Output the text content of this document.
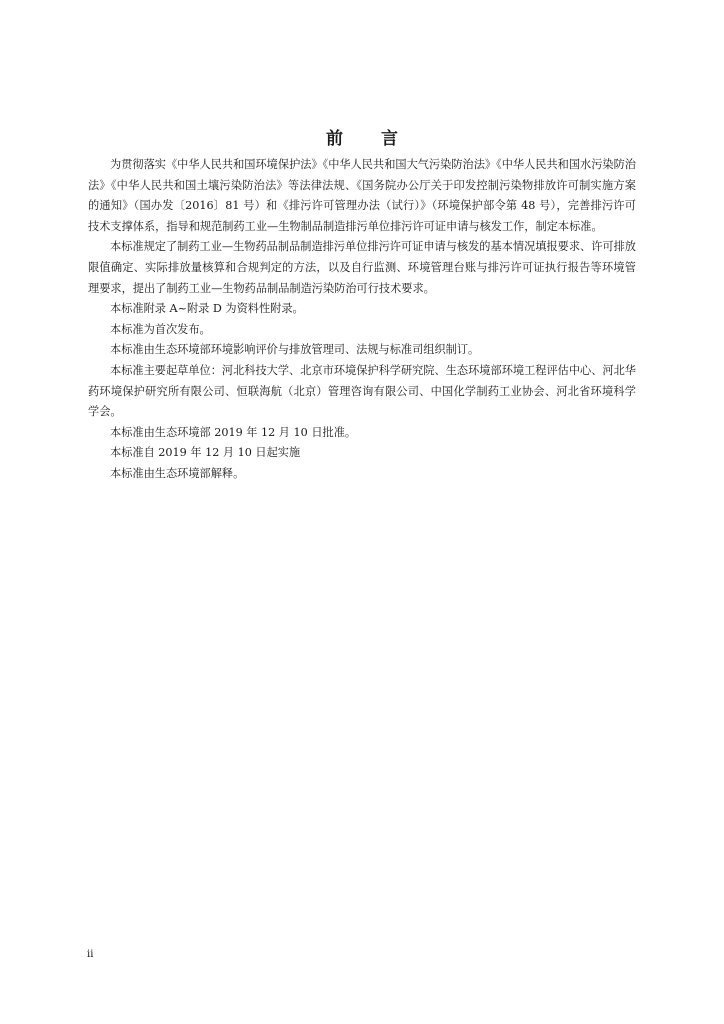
前 言

为贯彻落实《中华人民共和国环境保护法》《中华人民共和国大气污染防治法》《中华人民共和国水污染防治法》《中华人民共和国土壤污染防治法》等法律法规、《国务院办公厅关于印发控制污染物排放许可制实施方案的通知》（国办发〔2016〕81 号）和《排污许可管理办法（试行）》（环境保护部令第 48 号），完善排污许可技术支撑体系，指导和规范制药工业—生物制品制造排污单位排污许可证申请与核发工作，制定本标准。

本标准规定了制药工业—生物药品制品制造排污单位排污许可证申请与核发的基本情况填报要求、许可排放限值确定、实际排放量核算和合规判定的方法，以及自行监测、环境管理台账与排污许可证执行报告等环境管理要求，提出了制药工业—生物药品制品制造污染防治可行技术要求。

本标准附录 A~附录 D 为资料性附录。

本标准为首次发布。

本标准由生态环境部环境影响评价与排放管理司、法规与标准司组织制订。

本标准主要起草单位：河北科技大学、北京市环境保护科学研究院、生态环境部环境工程评估中心、河北华药环境保护研究所有限公司、恒联海航（北京）管理咨询有限公司、中国化学制药工业协会、河北省环境科学学会。

本标准由生态环境部 2019 年 12 月 10 日批准。

本标准自 2019 年 12 月 10 日起实施

本标准由生态环境部解释。

ii
